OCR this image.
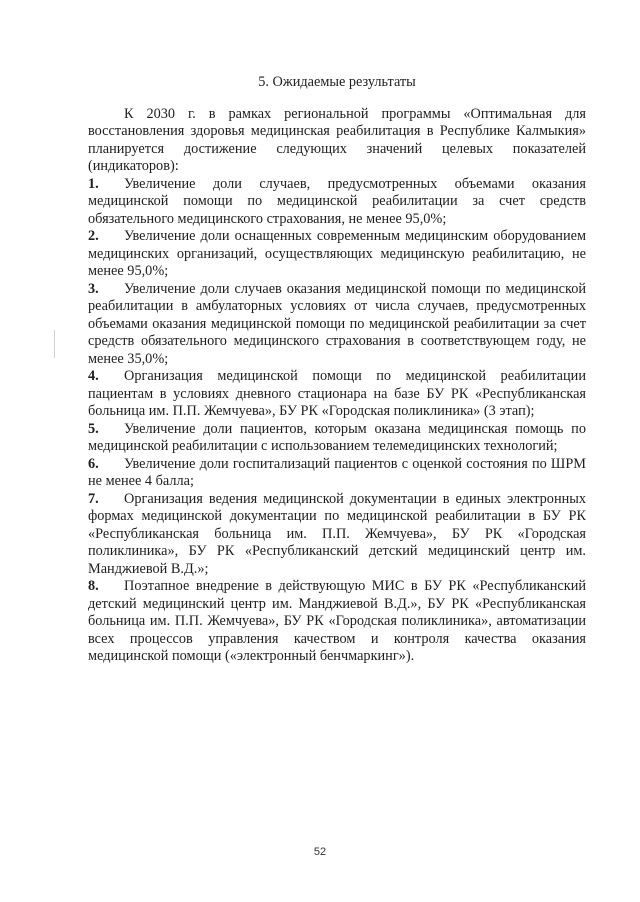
5. Ожидаемые результаты

К 2030 г. в рамках региональной программы «Оптимальная для восстановления здоровья медицинская реабилитация в Республике Калмыкия» планируется достижение следующих значений целевых показателей (индикаторов):

1. Увеличение доли случаев, предусмотренных объемами оказания медицинской помощи по медицинской реабилитации за счет средств обязательного медицинского страхования, не менее 95,0%;

2. Увеличение доли оснащенных современным медицинским оборудованием медицинских организаций, осуществляющих медицинскую реабилитацию, не менее 95,0%;

3. Увеличение доли случаев оказания медицинской помощи по медицинской реабилитации в амбулаторных условиях от числа случаев, предусмотренных объемами оказания медицинской помощи по медицинской реабилитации за счет средств обязательного медицинского страхования в соответствующем году, не менее 35,0%;

4. Организация медицинской помощи по медицинской реабилитации пациентам в условиях дневного стационара на базе БУ РК «Республиканская больница им. П.П. Жемчуева», БУ РК «Городская поликлиника» (3 этап);

5. Увеличение доли пациентов, которым оказана медицинская помощь по медицинской реабилитации с использованием телемедицинских технологий;

6. Увеличение доли госпитализаций пациентов с оценкой состояния по ШРМ не менее 4 балла;

7. Организация ведения медицинской документации в единых электронных формах медицинской документации по медицинской реабилитации в БУ РК «Республиканская больница им. П.П. Жемчуева», БУ РК «Городская поликлиника», БУ РК «Республиканский детский медицинский центр им. Манджиевой В.Д.»;

8. Поэтапное внедрение в действующую МИС в БУ РК «Республиканский детский медицинский центр им. Манджиевой В.Д.», БУ РК «Республиканская больница им. П.П. Жемчуева», БУ РК «Городская поликлиника», автоматизации всех процессов управления качеством и контроля качества оказания медицинской помощи («электронный бенчмаркинг»).

52
